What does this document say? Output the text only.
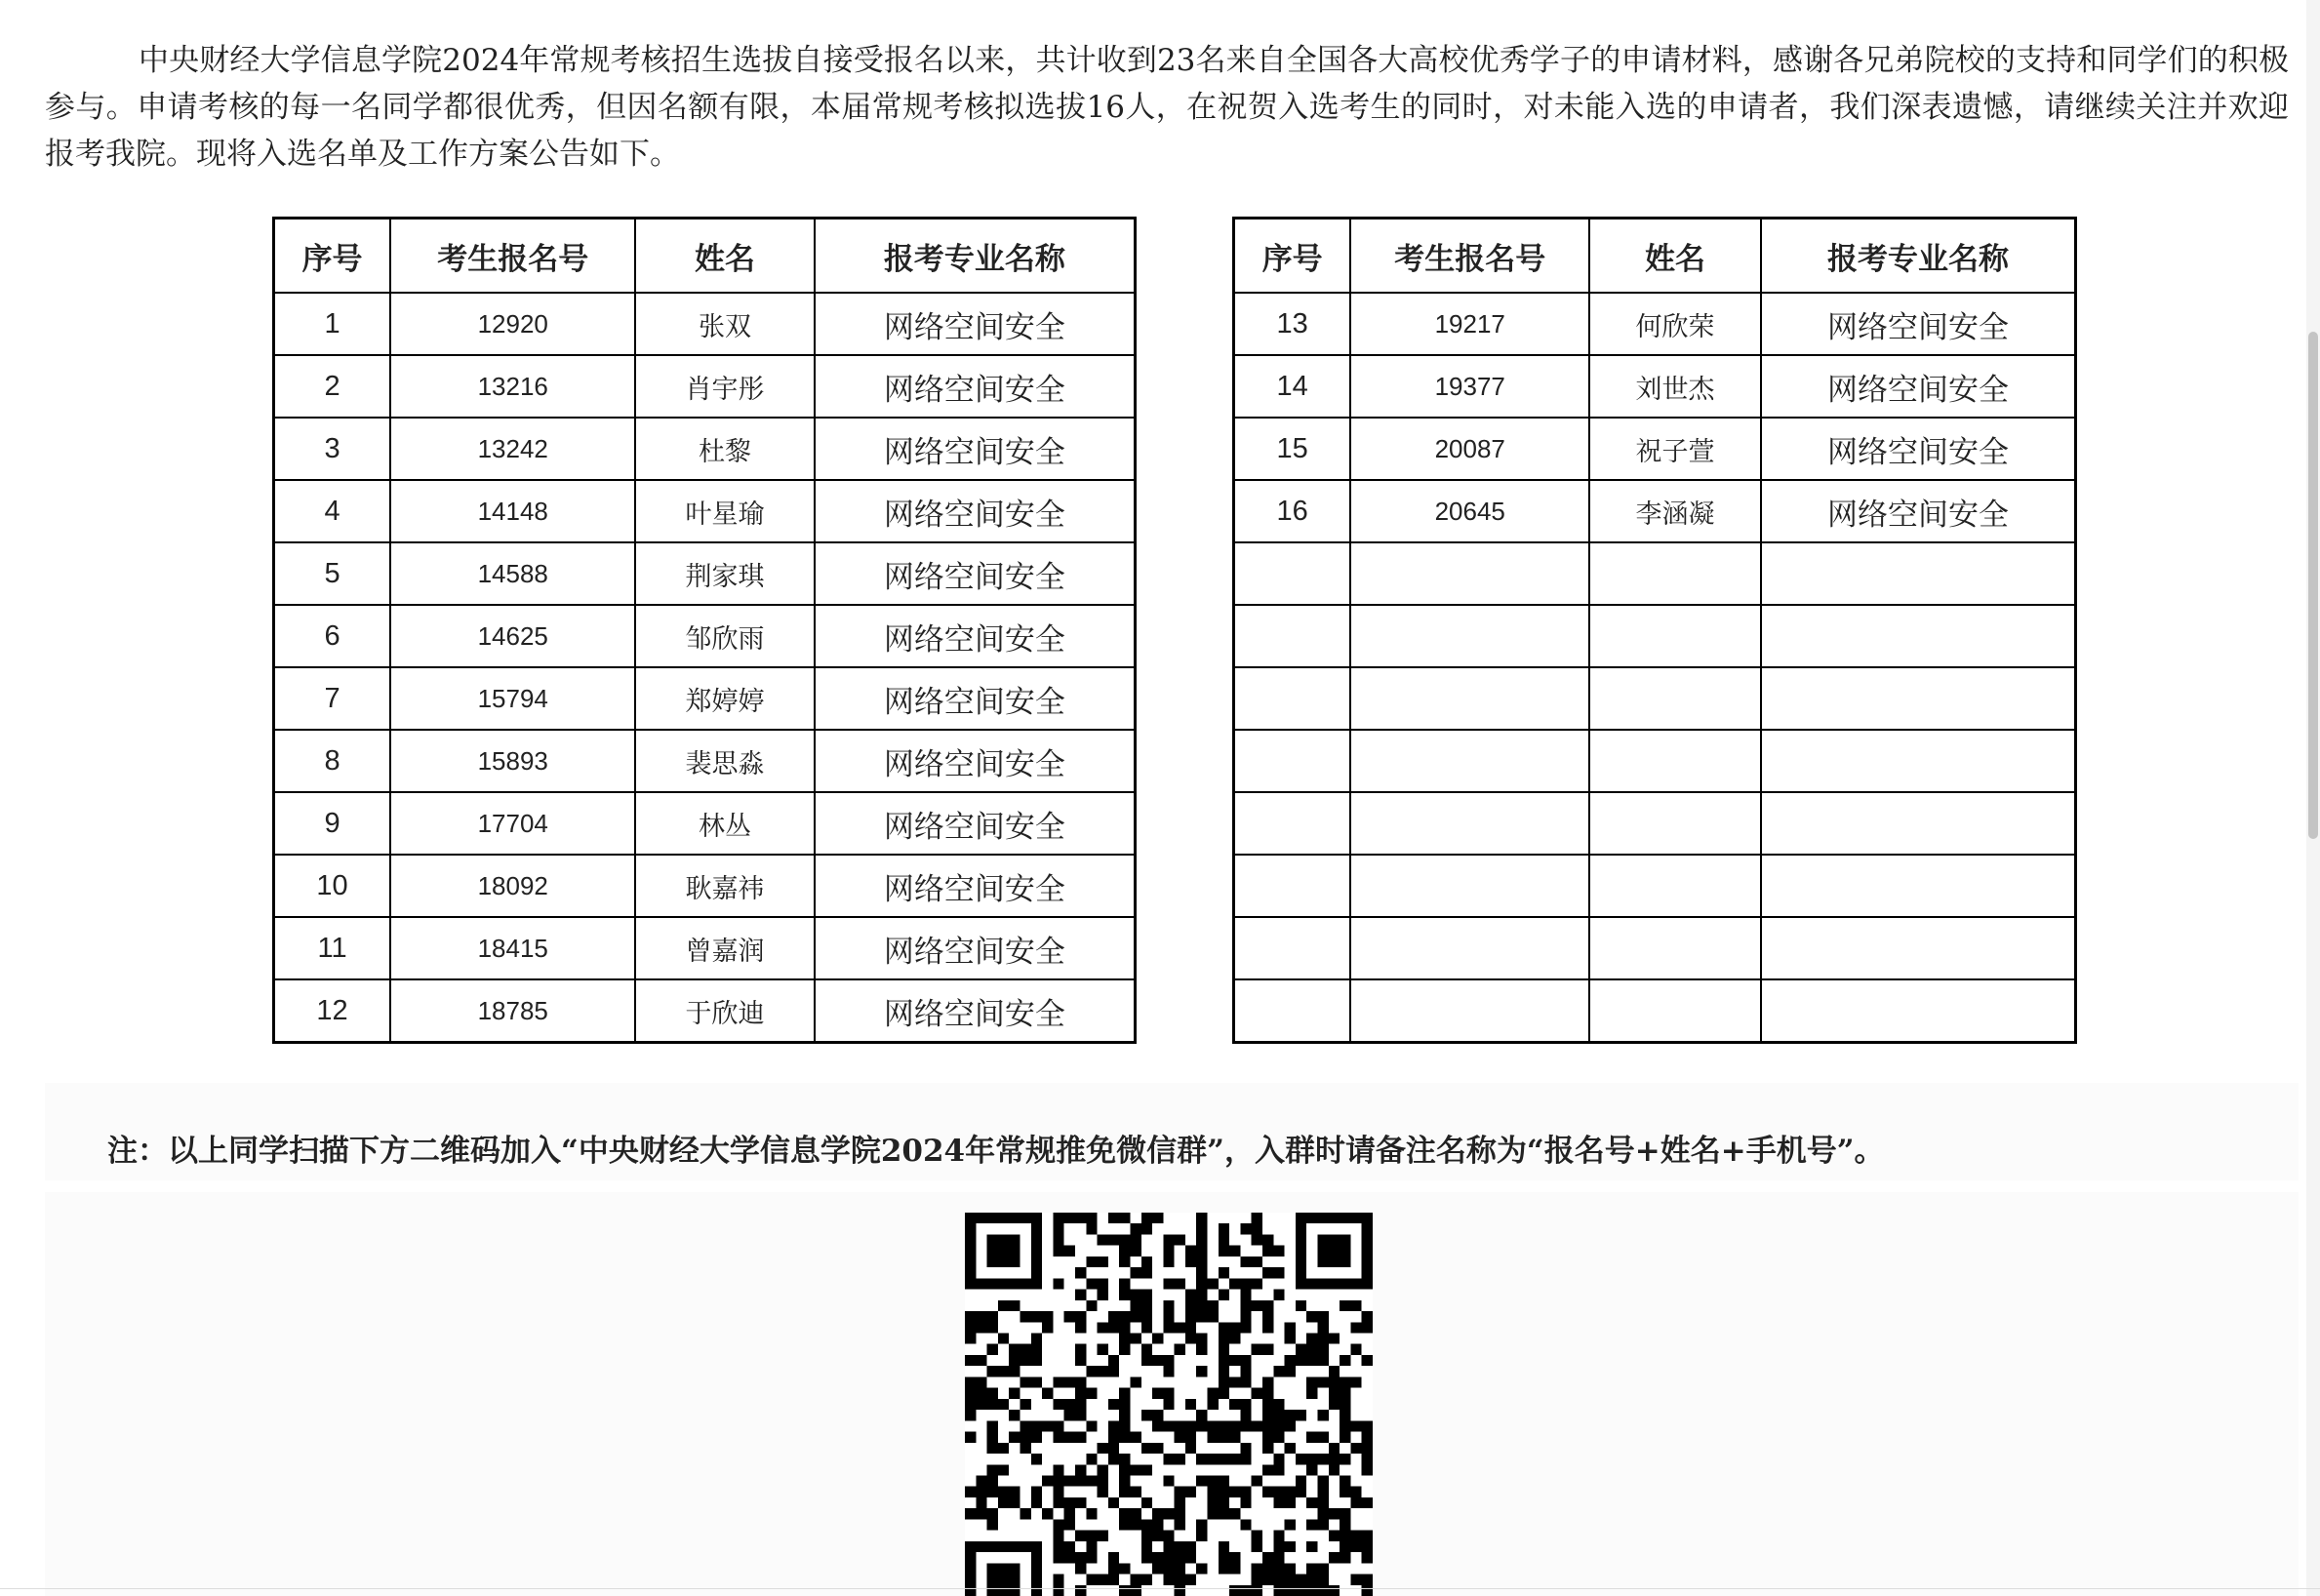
中央财经大学信息学院2024年常规考核招生选拔自接受报名以来，共计收到23名来自全国各大高校优秀学子的申请材料，感谢各兄弟院校的支持和同学们的积极参与。申请考核的每一名同学都很优秀，但因名额有限，本届常规考核拟选拔16人，在祝贺入选考生的同时，对未能入选的申请者，我们深表遗憾，请继续关注并欢迎报考我院。现将入选名单及工作方案公告如下。

序号	考生报名号	姓名	报考专业名称
1	12920	张双	网络空间安全
2	13216	肖宇彤	网络空间安全
3	13242	杜黎	网络空间安全
4	14148	叶星瑜	网络空间安全
5	14588	荆家琪	网络空间安全
6	14625	邹欣雨	网络空间安全
7	15794	郑婷婷	网络空间安全
8	15893	裴思淼	网络空间安全
9	17704	林丛	网络空间安全
10	18092	耿嘉祎	网络空间安全
11	18415	曾嘉润	网络空间安全
12	18785	于欣迪	网络空间安全
序号	考生报名号	姓名	报考专业名称
13	19217	何欣荣	网络空间安全
14	19377	刘世杰	网络空间安全
15	20087	祝子萱	网络空间安全
16	20645	李涵凝	网络空间安全

注：以上同学扫描下方二维码加入“中央财经大学信息学院2024年常规推免微信群”，入群时请备注名称为“报名号+姓名+手机号”。
